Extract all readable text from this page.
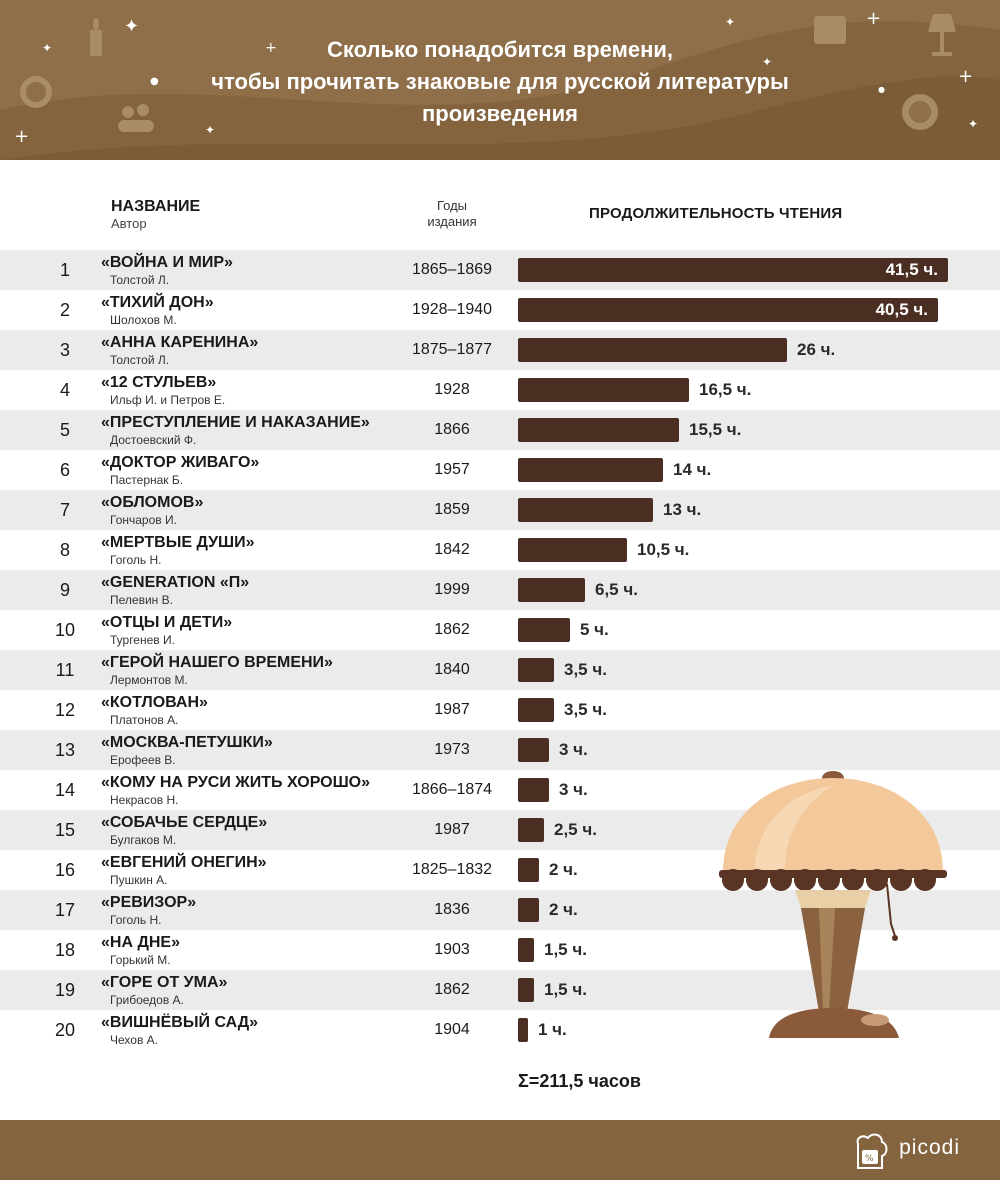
✦
+
●
+	✦
✦	+
✦
●
+
✦
✦	Сколько понадобится времени,
чтобы прочитать знаковые для русской литературы
произведения
НАЗВАНИЕ
Автор
Годы
издания	ПРОДОЛЖИТЕЛЬНОСТЬ ЧТЕНИЯ
1	«ВОЙНА И МИР»
Толстой Л.
1865–1869	41,5 ч.
2	«ТИХИЙ ДОН»
Шолохов М.
1928–1940	40,5 ч.
3	«АННА КАРЕНИНА»
Толстой Л.
1875–1877	26 ч.
4	«12 СТУЛЬЕВ»
Ильф И. и Петров Е.
1928	16,5 ч.
5	«ПРЕСТУПЛЕНИЕ И НАКАЗАНИЕ»
Достоевский Ф.
1866	15,5 ч.
6	«ДОКТОР ЖИВАГО»
Пастернак Б.
1957	14 ч.
7	«ОБЛОМОВ»
Гончаров И.
1859	13 ч.
8	«МЕРТВЫЕ ДУШИ»
Гоголь Н.
1842	10,5 ч.
9	«GENERATION «П»
Пелевин В.
1999	6,5 ч.
10	«ОТЦЫ И ДЕТИ»
Тургенев И.
1862	5 ч.
11	«ГЕРОЙ НАШЕГО ВРЕМЕНИ»
Лермонтов М.
1840	3,5 ч.
12	«КОТЛОВАН»
Платонов А.
1987	3,5 ч.
13	«МОСКВА-ПЕТУШКИ»
Ерофеев В.
1973	3 ч.
14	«КОМУ НА РУСИ ЖИТЬ ХОРОШО»
Некрасов Н.
1866–1874	3 ч.
15	«СОБАЧЬЕ СЕРДЦЕ»
Булгаков М.
1987	2,5 ч.
16	«ЕВГЕНИЙ ОНЕГИН»
Пушкин А.
1825–1832	2 ч.
17	«РЕВИЗОР»
Гоголь Н.
1836	2 ч.
18	«НА ДНЕ»
Горький М.
1903	1,5 ч.
19	«ГОРЕ ОТ УМА»
Грибоедов А.
1862	1,5 ч.
20	«ВИШНЁВЫЙ САД»
Чехов А.
1904	1 ч.
Σ=211,5 часов
% picodi
